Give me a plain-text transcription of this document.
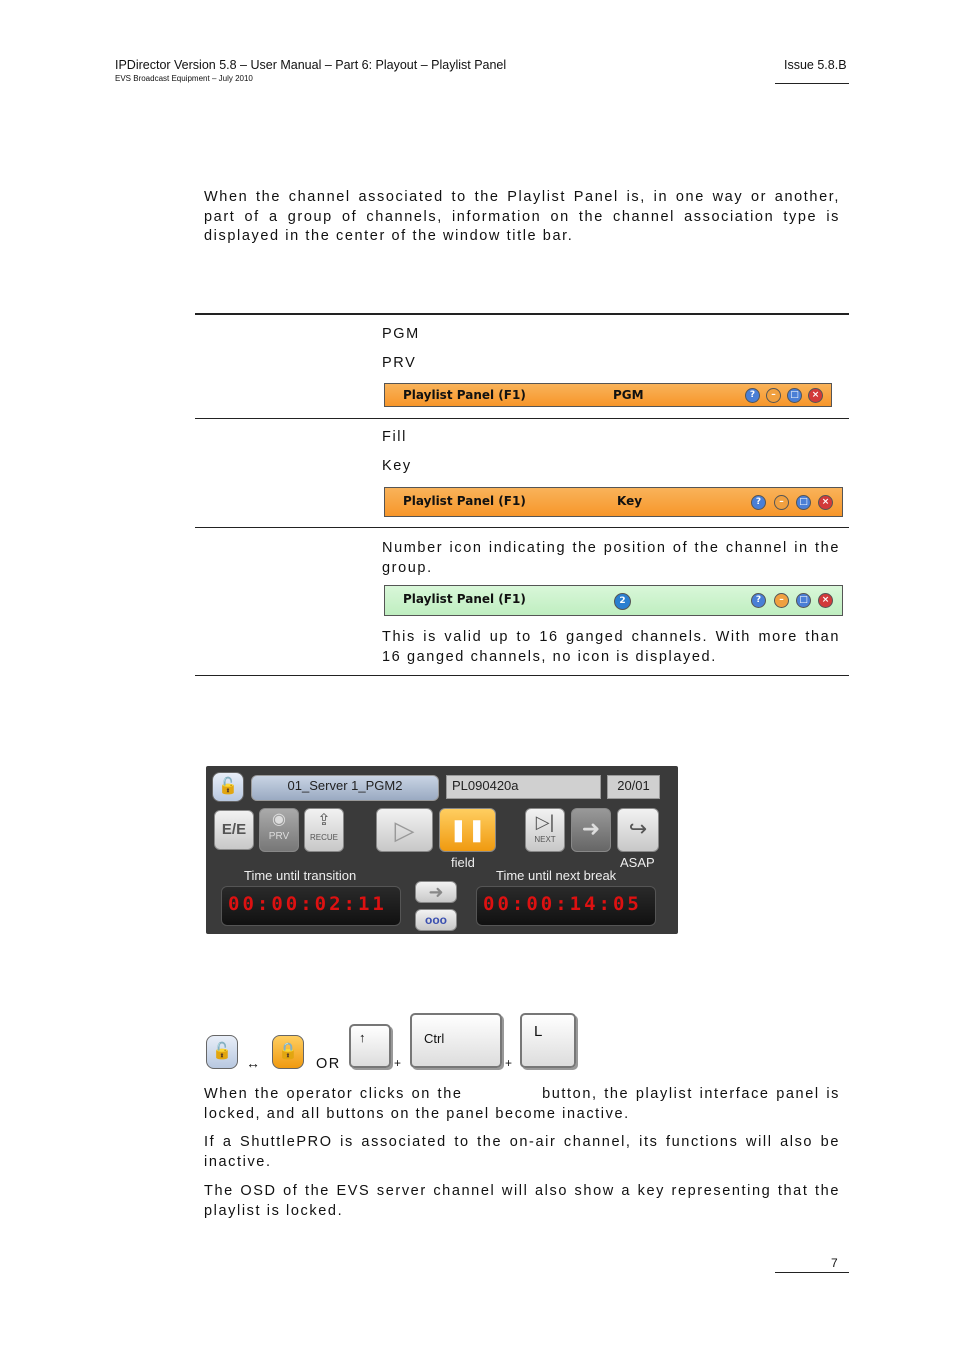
IPDirector Version 5.8 – User Manual – Part 6: Playout – Playlist Panel
EVS Broadcast Equipment – July 2010
Issue 5.8.B
When the channel associated to the Playlist Panel is, in one way or another, part of a group of channels, information on the channel association type is displayed in the center of the window title bar.
PGM
PRV
Playlist Panel (F1)	PGM	?	–	□	×
Fill
Key
Playlist Panel (F1)	Key	?	–	□	×
Number icon indicating the position of the channel in the group.
Playlist Panel (F1)	2	?	–	□	×
This is valid up to 16 ganged channels. With more than 16 ganged channels, no icon is displayed.
🔓	01_Server 1_PGM2	PL090420a	20/01
E/E
◉
PRV
⇪
RECUE	▷	❚❚	▷|
NEXT	➜	↪
field	ASAP
Time until transition	Time until next break
00:00:02:11
➜
ooo
00:00:14:05
🔓
↔
🔒
OR
↑
+
Ctrl
+
L
When the operator clicks on the            button, the playlist interface panel is locked, and all buttons on the panel become inactive.
If a ShuttlePRO is associated to the on-air channel, its functions will also be inactive.
The OSD of the EVS server channel will also show a key representing that the playlist is locked.
7
